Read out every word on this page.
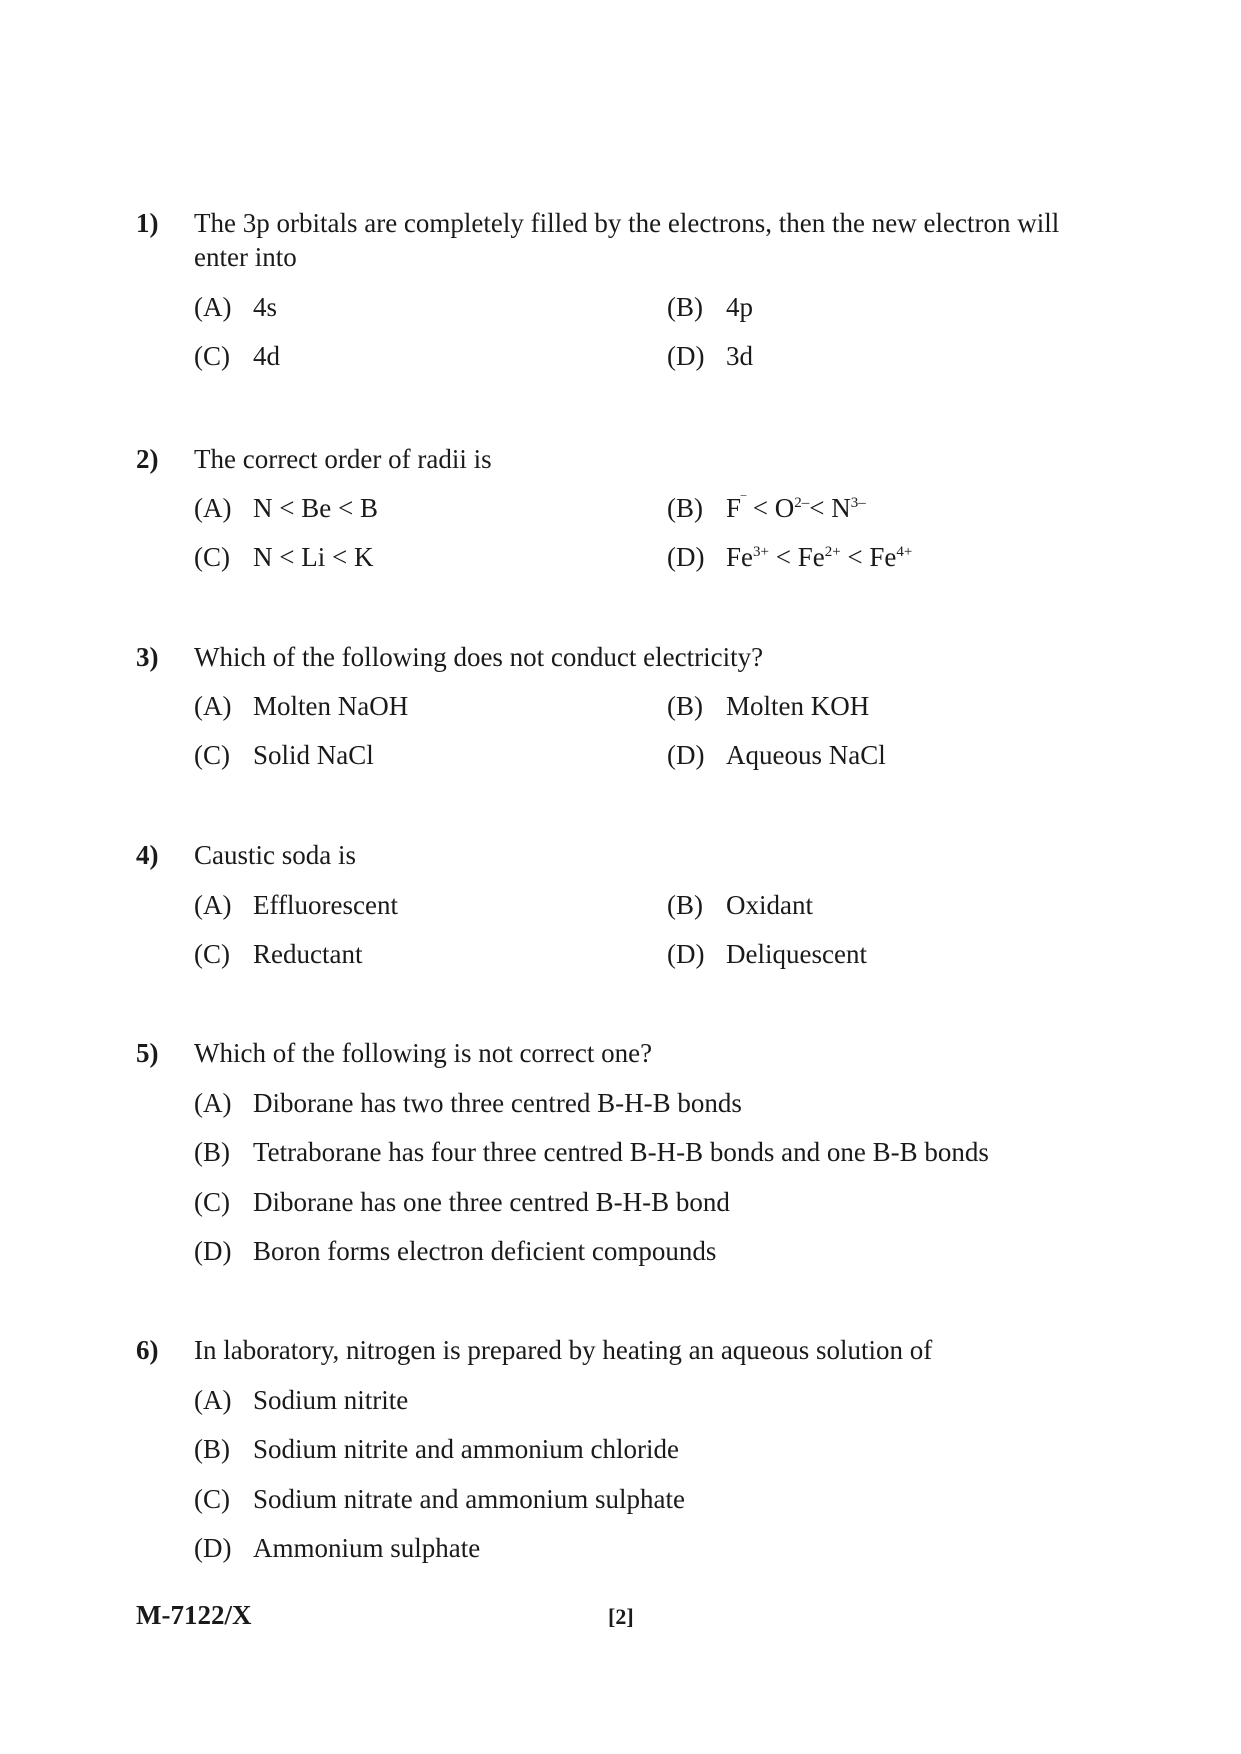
1) The 3p orbitals are completely filled by the electrons, then the new electron will enter into
(A) 4s	(B) 4p
(C) 4d	(D) 3d
2) The correct order of radii is
(A) N < Be < B	(B) $F^‾ < O^{2-}< N^{3-}$
(C) N < Li < K	(D) $Fe^{3+} < Fe^{2+} < Fe^{4+}$
3) Which of the following does not conduct electricity?
(A) Molten NaOH	(B) Molten KOH
(C) Solid NaCl	(D) Aqueous NaCl
4) Caustic soda is
(A) Effluorescent	(B) Oxidant
(C) Reductant	(D) Deliquescent
5) Which of the following is not correct one?
(A) Diborane has two three centred B-H-B bonds
(B) Tetraborane has four three centred B-H-B bonds and one B-B bonds
(C) Diborane has one three centred B-H-B bond
(D) Boron forms electron deficient compounds
6) In laboratory, nitrogen is prepared by heating an aqueous solution of
(A) Sodium nitrite
(B) Sodium nitrite and ammonium chloride
(C) Sodium nitrate and ammonium sulphate
(D) Ammonium sulphate
M-7122/X	[2]
